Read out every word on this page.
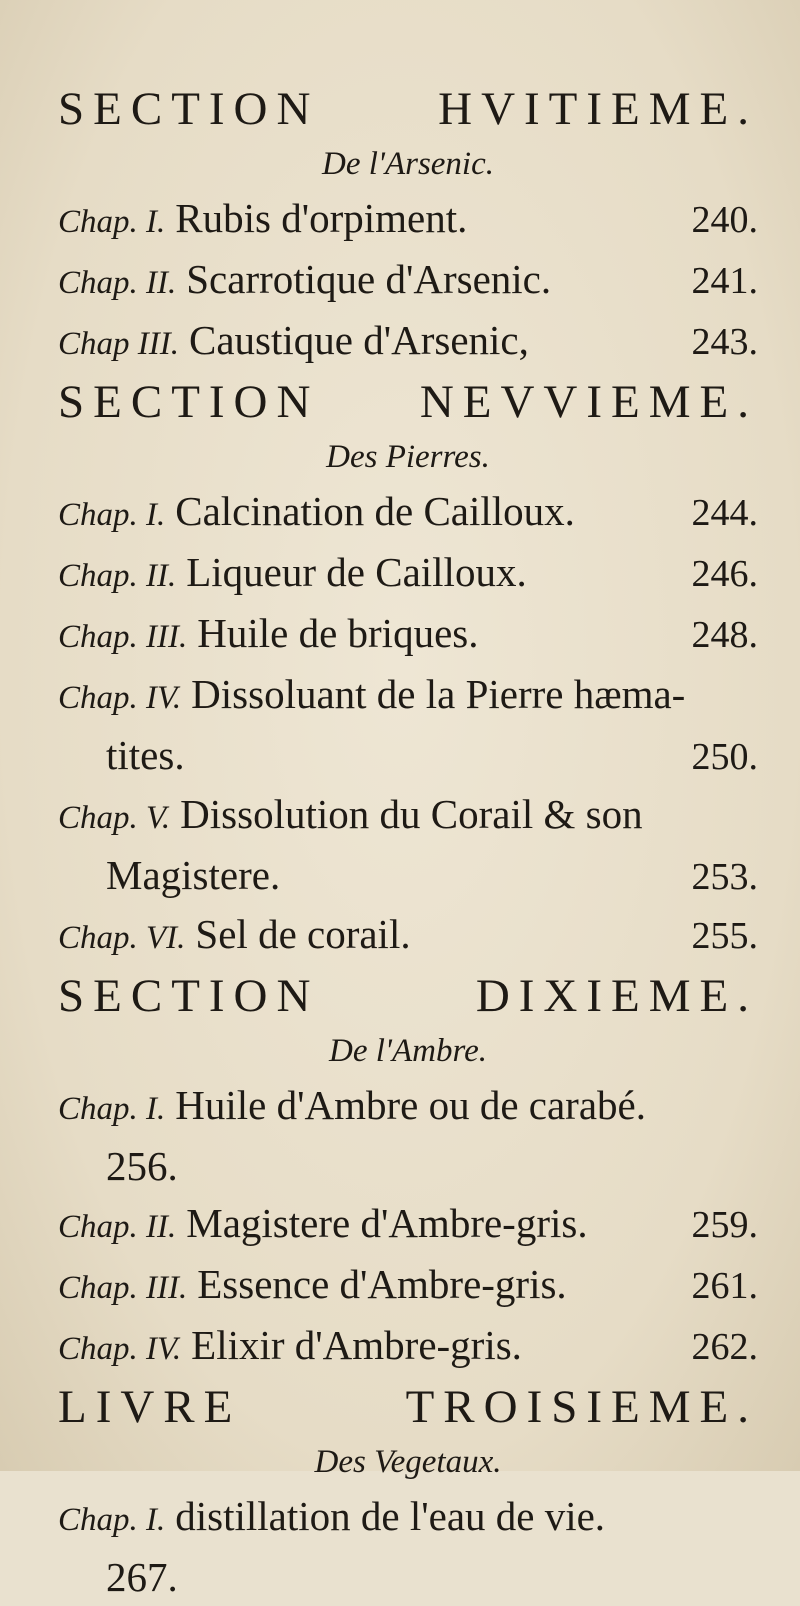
SECTION	HVITIEME.
De l'Arsenic.
Chap. I. Rubis d'orpiment.	240.
Chap. II. Scarrotique d'Arsenic.	241.
Chap III. Caustique d'Arsenic,	243.
SECTION NEVVIEME.
Des Pierres.
Chap. I. Calcination de Cailloux.	244.
Chap. II. Liqueur de Cailloux.	246.
Chap. III. Huile de briques.	248.
Chap. IV. Dissoluant de la Pierre hæma-
tites.	250.
Chap. V. Dissolution du Corail & son
Magistere.	253.
Chap. VI. Sel de corail.	255.
SECTION	DIXIEME.
De l'Ambre.
Chap. I. Huile d'Ambre ou de carabé.
256.
Chap. II. Magistere d'Ambre-gris.	259.
Chap. III. Essence d'Ambre-gris.	261.
Chap. IV. Elixir d'Ambre-gris.	262.
LIVRE	TROISIEME.
Des Vegetaux.
Chap. I. distillation de l'eau de vie.
267.
